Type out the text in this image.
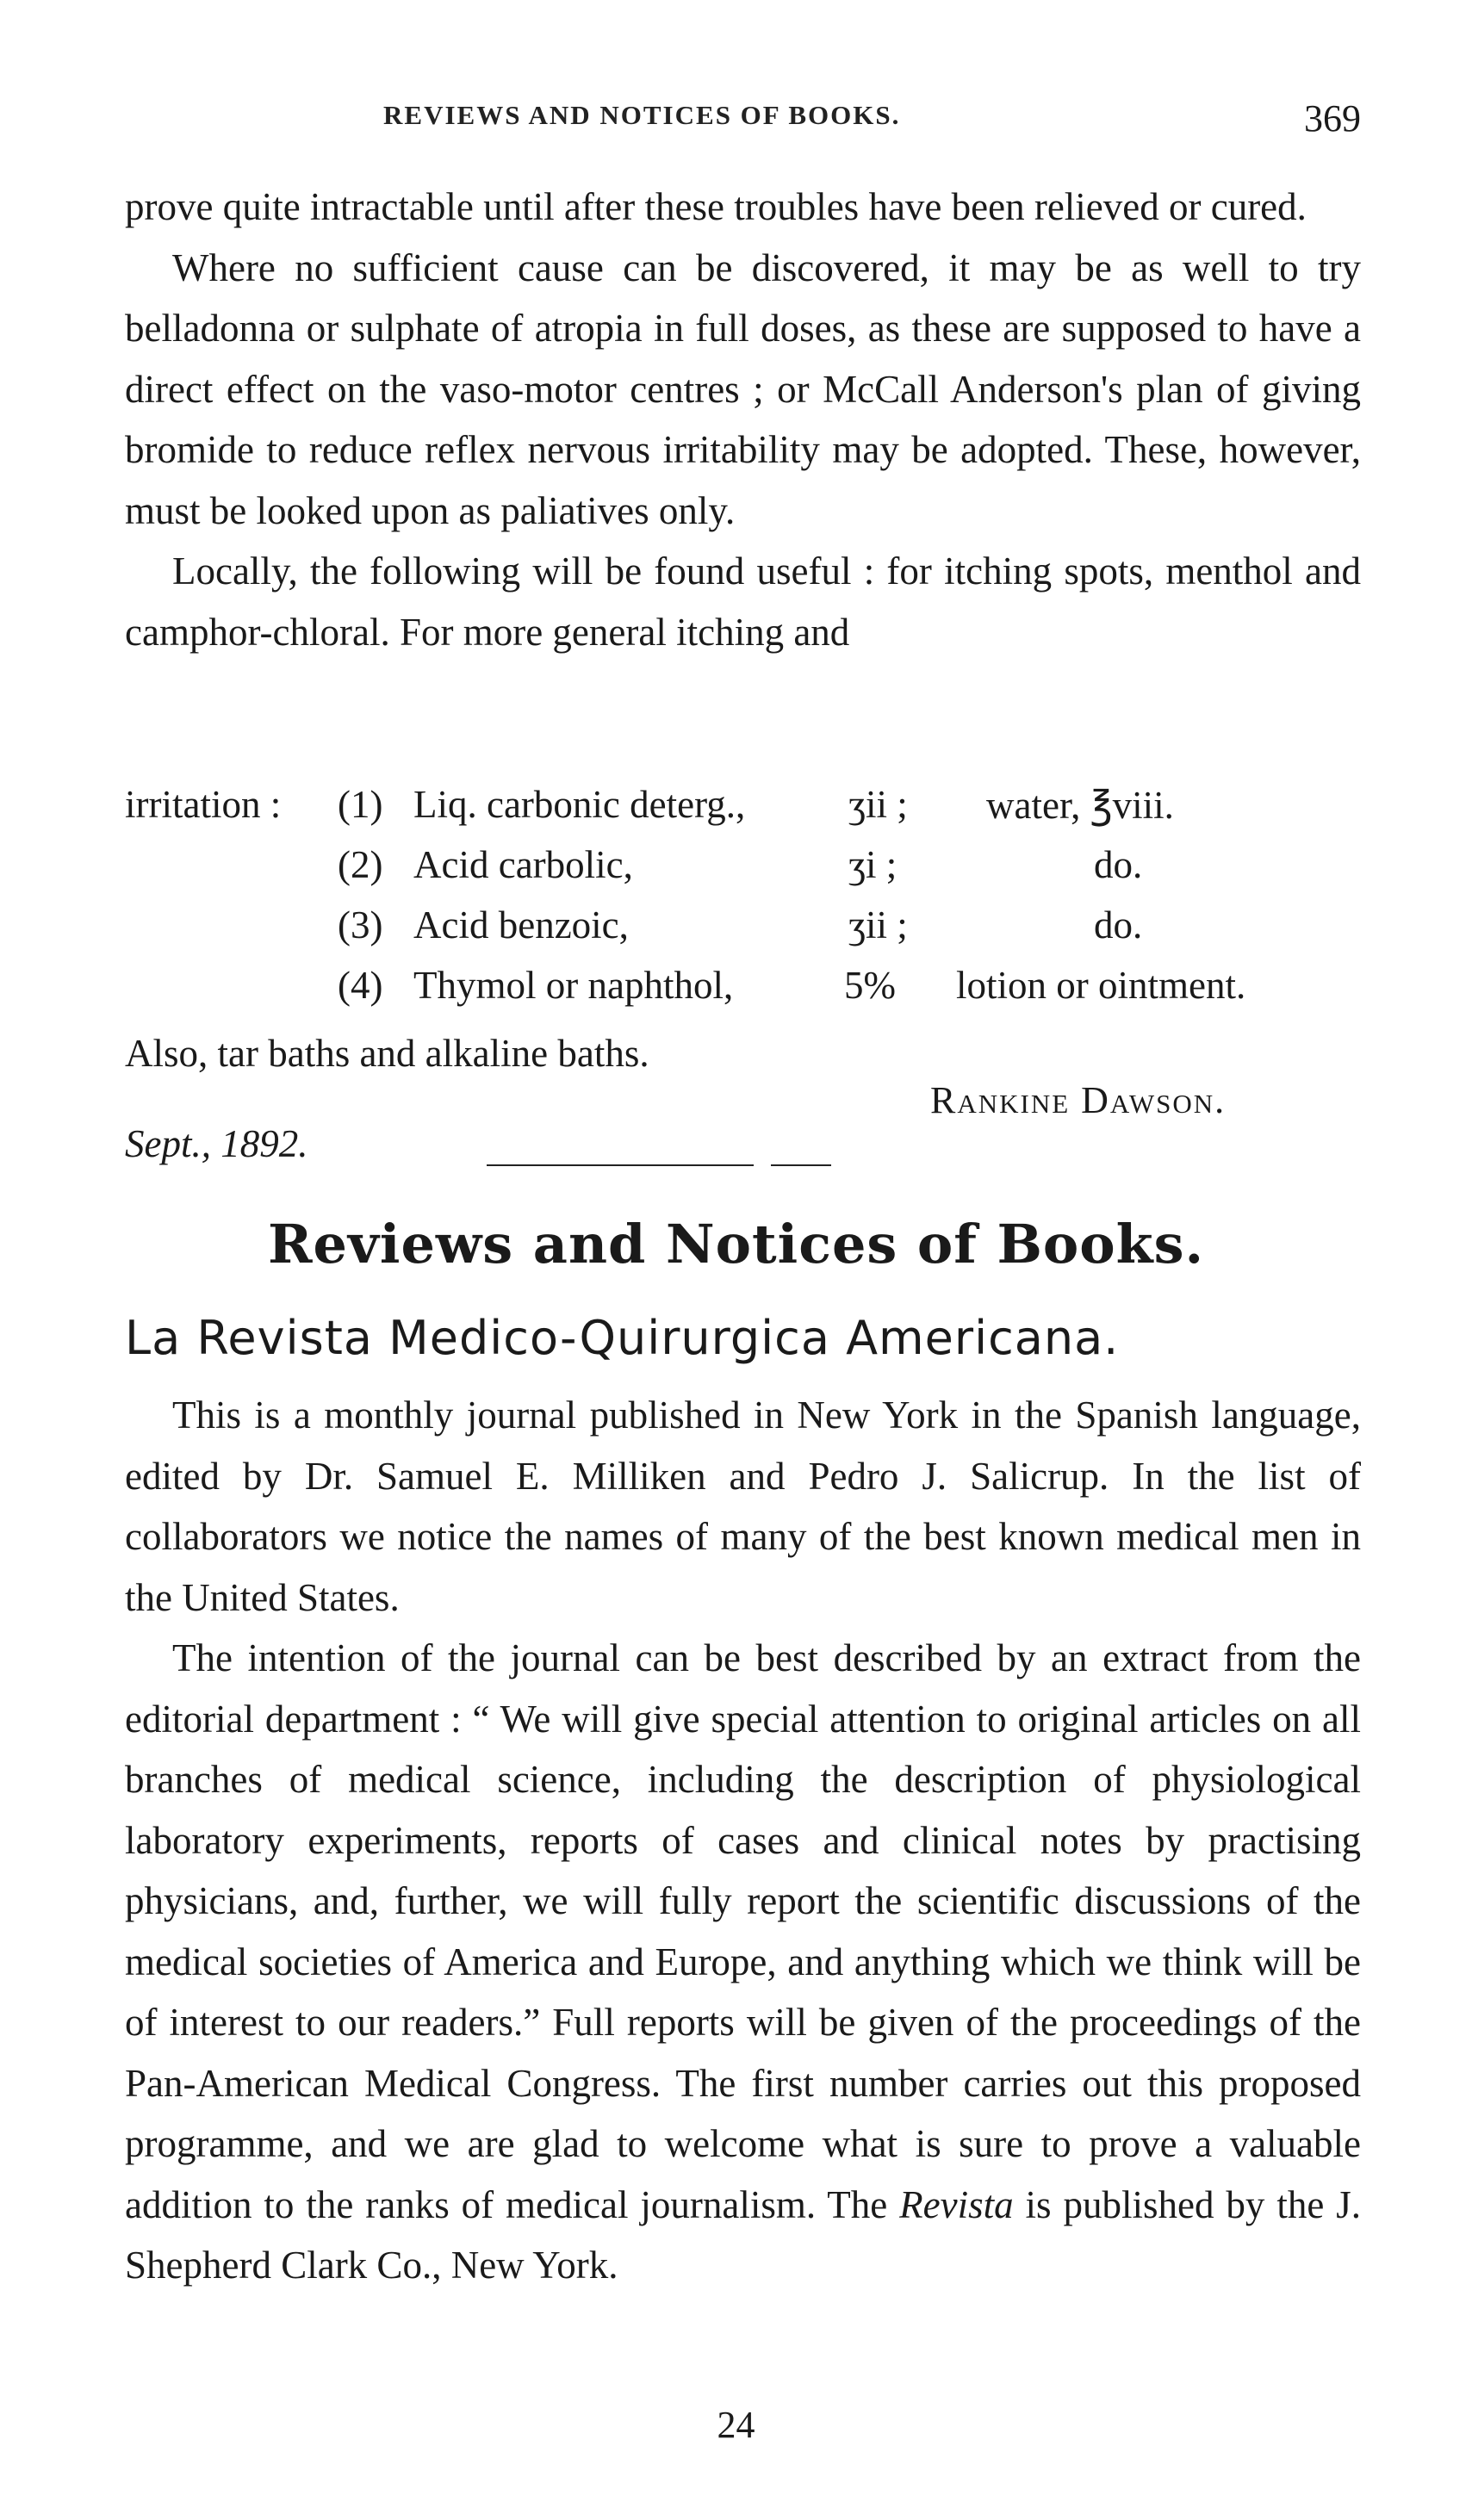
REVIEWS AND NOTICES OF BOOKS.	369

prove quite intractable until after these troubles have been relieved or cured.

Where no sufficient cause can be discovered, it may be as well to try belladonna or sulphate of atropia in full doses, as these are supposed to have a direct effect on the vaso-motor centres ; or McCall Anderson's plan of giving bromide to reduce reflex nervous irritability may be adopted. These, however, must be looked upon as paliatives only.

Locally, the following will be found useful : for itching spots, menthol and camphor-chloral. For more general itching and

irritation : (1) Liq. carbonic deterg.,	ʒii ; water, ℥viii.
(2) Acid carbolic,	ʒi ;	do.
(3) Acid benzoic,	ʒii ;	do.
(4) Thymol or naphthol,	5% lotion or ointment.

Also, tar baths and alkaline baths.

Rankine Dawson.
Sept., 1892.
Reviews and Notices of Books.
La Revista Medico-Quirurgica Americana.

This is a monthly journal published in New York in the Spanish language, edited by Dr. Samuel E. Milliken and Pedro J. Salicrup. In the list of collaborators we notice the names of many of the best known medical men in the United States.

The intention of the journal can be best described by an extract from the editorial department : “ We will give special attention to original articles on all branches of medical science, including the description of physiological laboratory experiments, reports of cases and clinical notes by practising physicians, and, further, we will fully report the scientific discussions of the medical societies of America and Europe, and anything which we think will be of interest to our readers.” Full reports will be given of the proceedings of the Pan-American Medical Congress. The first number carries out this proposed programme, and we are glad to welcome what is sure to prove a valuable addition to the ranks of medical journalism. The Revista is published by the J. Shepherd Clark Co., New York.

24
